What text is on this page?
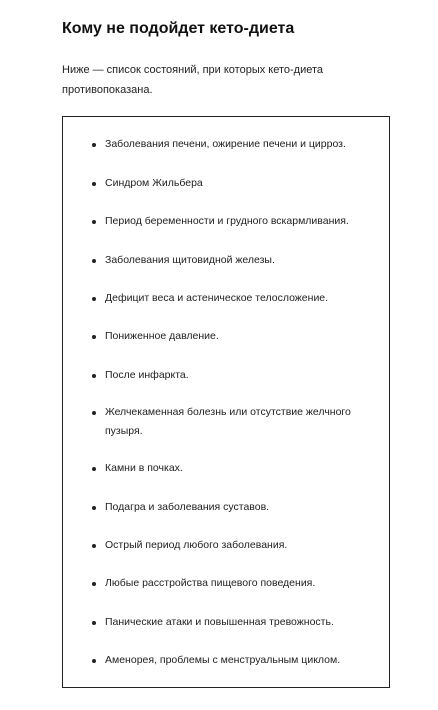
Кому не подойдет кето-диета

Ниже — список состояний, при которых кето-диета противопоказана.

Заболевания печени, ожирение печени и цирроз.
Синдром Жильбера
Период беременности и грудного вскармливания.
Заболевания щитовидной железы.
Дефицит веса и астеническое телосложение.
Пониженное давление.
После инфаркта.
Желчекаменная болезнь или отсутствие желчного пузыря.
Камни в почках.
Подагра и заболевания суставов.
Острый период любого заболевания.
Любые расстройства пищевого поведения.
Панические атаки и повышенная тревожность.
Аменорея, проблемы с менструальным циклом.
